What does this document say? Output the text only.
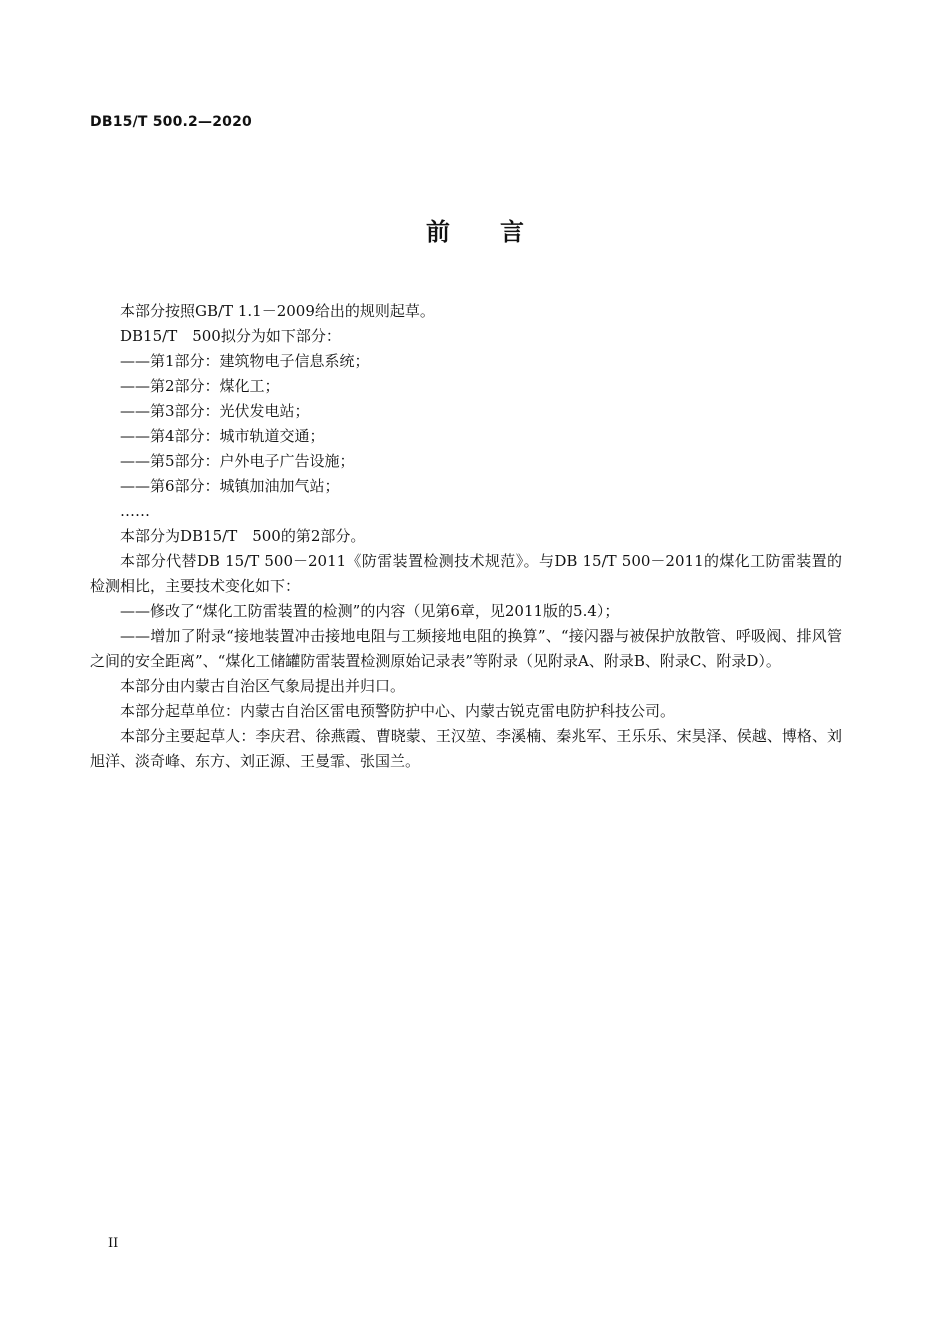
DB15/T 500.2—2020
前言

本部分按照GB/T 1.1－2009给出的规则起草。

DB15/T　500拟分为如下部分：

——第1部分：建筑物电子信息系统；

——第2部分：煤化工；

——第3部分：光伏发电站；

——第4部分：城市轨道交通；

——第5部分：户外电子广告设施；

——第6部分：城镇加油加气站；

……

本部分为DB15/T　500的第2部分。

本部分代替DB 15/T 500－2011《防雷装置检测技术规范》。与DB 15/T 500－2011的煤化工防雷装置的检测相比，主要技术变化如下：

——修改了“煤化工防雷装置的检测”的内容（见第6章，见2011版的5.4）；

——增加了附录“接地装置冲击接地电阻与工频接地电阻的换算”、“接闪器与被保护放散管、呼吸阀、排风管之间的安全距离”、“煤化工储罐防雷装置检测原始记录表”等附录（见附录A、附录B、附录C、附录D）。

本部分由内蒙古自治区气象局提出并归口。

本部分起草单位：内蒙古自治区雷电预警防护中心、内蒙古锐克雷电防护科技公司。

本部分主要起草人：李庆君、徐燕霞、曹晓蒙、王汉堃、李溪楠、秦兆军、王乐乐、宋昊泽、侯越、博格、刘旭洋、淡奇峰、东方、刘正源、王曼霏、张国兰。

II
